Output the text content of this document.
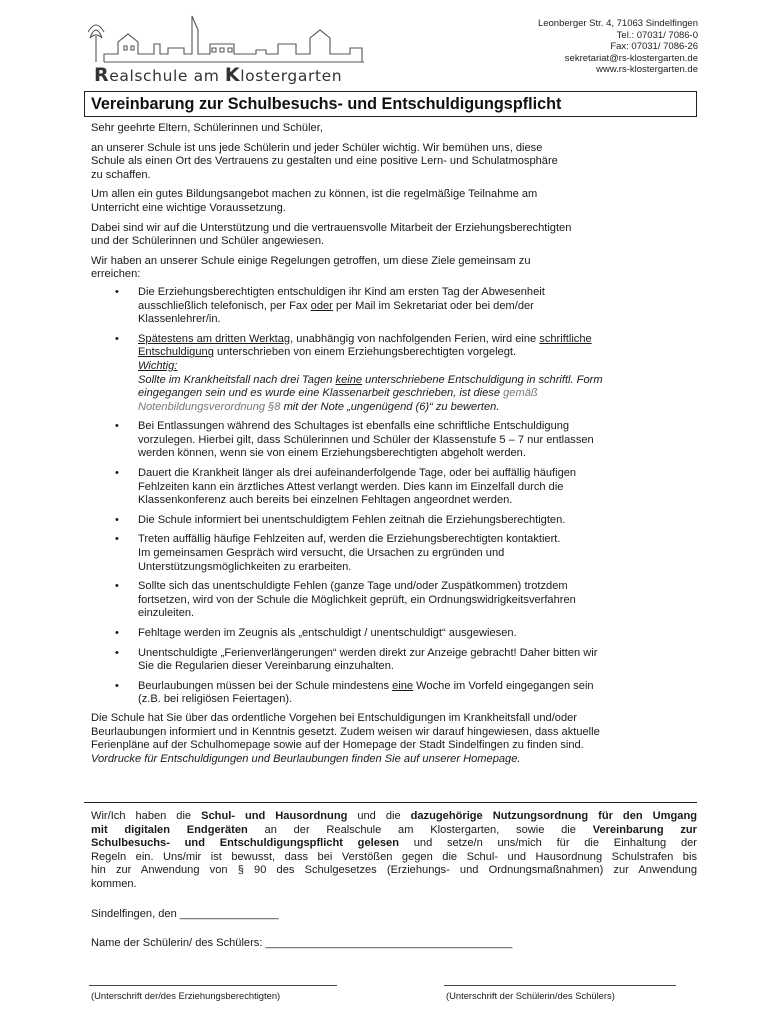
Realschule am Klostergarten
Leonberger Str. 4, 71063 Sindelfingen
Tel.: 07031/ 7086-0
Fax: 07031/ 7086-26
sekretariat@rs-klostergarten.de
www.rs-klostergarten.de
Vereinbarung zur Schulbesuchs- und Entschuldigungspflicht
Sehr geehrte Eltern, Schülerinnen und Schüler,
an unserer Schule ist uns jede Schülerin und jeder Schüler wichtig. Wir bemühen uns, diese
Schule als einen Ort des Vertrauens zu gestalten und eine positive Lern- und Schulatmosphäre
zu schaffen.
Um allen ein gutes Bildungsangebot machen zu können, ist die regelmäßige Teilnahme am
Unterricht eine wichtige Voraussetzung.
Dabei sind wir auf die Unterstützung und die vertrauensvolle Mitarbeit der Erziehungsberechtigten
und der Schülerinnen und Schüler angewiesen.
Wir haben an unserer Schule einige Regelungen getroffen, um diese Ziele gemeinsam zu
erreichen:
• Die Erziehungsberechtigten entschuldigen ihr Kind am ersten Tag der Abwesenheit
ausschließlich telefonisch, per Fax oder per Mail im Sekretariat oder bei dem/der
Klassenlehrer/in.
• Spätestens am dritten Werktag, unabhängig von nachfolgenden Ferien, wird eine schriftliche
Entschuldigung unterschrieben von einem Erziehungsberechtigten vorgelegt.
Wichtig:
Sollte im Krankheitsfall nach drei Tagen keine unterschriebene Entschuldigung in schriftl. Form
eingegangen sein und es wurde eine Klassenarbeit geschrieben, ist diese gemäß
Notenbildungsverordnung §8 mit der Note „ungenügend (6)“ zu bewerten.
• Bei Entlassungen während des Schultages ist ebenfalls eine schriftliche Entschuldigung
vorzulegen. Hierbei gilt, dass Schülerinnen und Schüler der Klassenstufe 5 – 7 nur entlassen
werden können, wenn sie von einem Erziehungsberechtigten abgeholt werden.
• Dauert die Krankheit länger als drei aufeinanderfolgende Tage, oder bei auffällig häufigen
Fehlzeiten kann ein ärztliches Attest verlangt werden. Dies kann im Einzelfall durch die
Klassenkonferenz auch bereits bei einzelnen Fehltagen angeordnet werden.
• Die Schule informiert bei unentschuldigtem Fehlen zeitnah die Erziehungsberechtigten.
• Treten auffällig häufige Fehlzeiten auf, werden die Erziehungsberechtigten kontaktiert.
Im gemeinsamen Gespräch wird versucht, die Ursachen zu ergründen und
Unterstützungsmöglichkeiten zu erarbeiten.
• Sollte sich das unentschuldigte Fehlen (ganze Tage und/oder Zuspätkommen) trotzdem
fortsetzen, wird von der Schule die Möglichkeit geprüft, ein Ordnungswidrigkeitsverfahren
einzuleiten.
• Fehltage werden im Zeugnis als „entschuldigt / unentschuldigt“ ausgewiesen.
• Unentschuldigte „Ferienverlängerungen“ werden direkt zur Anzeige gebracht! Daher bitten wir
Sie die Regularien dieser Vereinbarung einzuhalten.
• Beurlaubungen müssen bei der Schule mindestens eine Woche im Vorfeld eingegangen sein
(z.B. bei religiösen Feiertagen).
Die Schule hat Sie über das ordentliche Vorgehen bei Entschuldigungen im Krankheitsfall und/oder
Beurlaubungen informiert und in Kenntnis gesetzt. Zudem weisen wir darauf hingewiesen, dass aktuelle
Ferienpläne auf der Schulhomepage sowie auf der Homepage der Stadt Sindelfingen zu finden sind.
Vordrucke für Entschuldigungen und Beurlaubungen finden Sie auf unserer Homepage.
Wir/Ich haben die Schul- und Hausordnung und die dazugehörige Nutzungsordnung für den Umgang
mit digitalen Endgeräten an der Realschule am Klostergarten, sowie die Vereinbarung zur
Schulbesuchs- und Entschuldigungspflicht gelesen und setze/n uns/mich für die Einhaltung der
Regeln ein. Uns/mir ist bewusst, dass bei Verstößen gegen die Schul- und Hausordnung Schulstrafen bis
hin zur Anwendung von § 90 des Schulgesetzes (Erziehungs- und Ordnungsmaßnahmen) zur Anwendung
kommen.
Sindelfingen, den ________________
Name der Schülerin/ des Schülers: ________________________________________
(Unterschrift der/des Erziehungsberechtigten)	(Unterschrift der Schülerin/des Schülers)
